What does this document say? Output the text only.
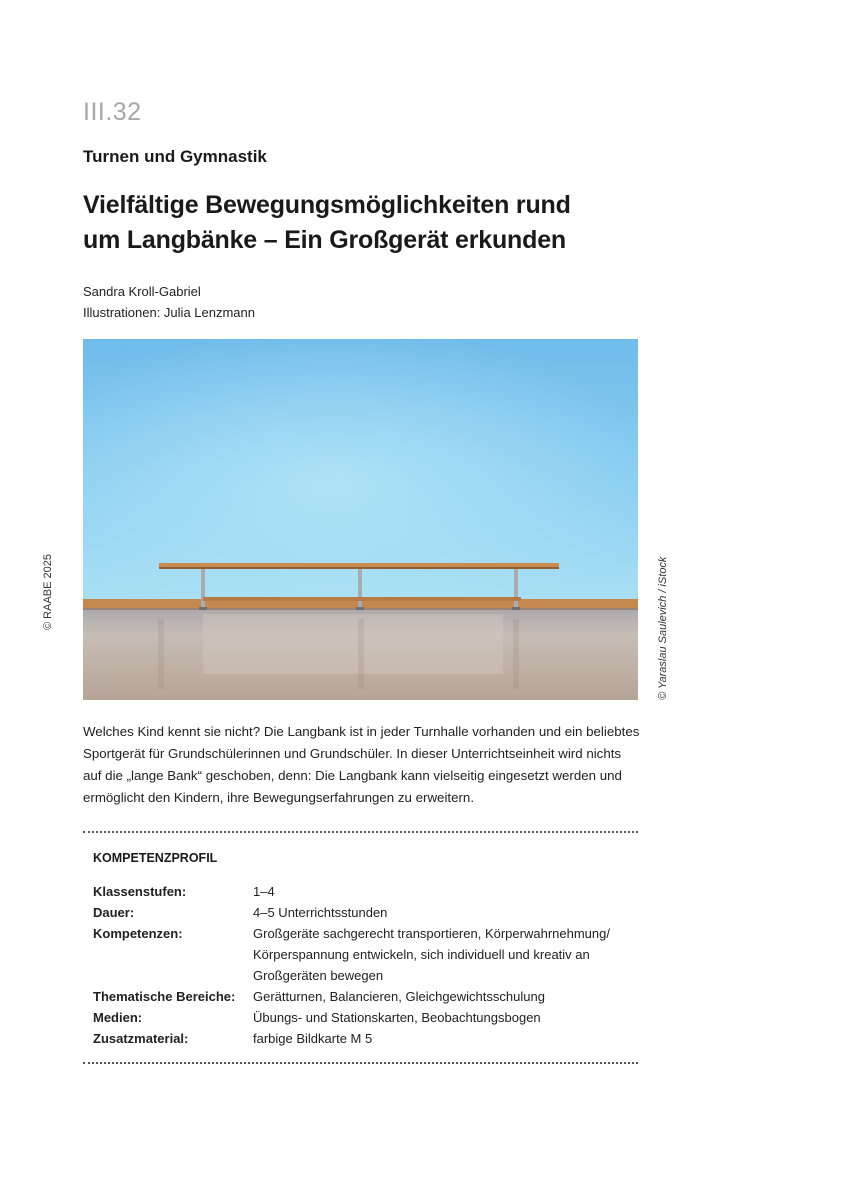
III.32
Turnen und Gymnastik
Vielfältige Bewegungsmöglichkeiten rund
um Langbänke – Ein Großgerät erkunden
Sandra Kroll-Gabriel
Illustrationen: Julia Lenzmann
© RAABE 2025	© Yaraslau Saulevich / iStock
Welches Kind kennt sie nicht? Die Langbank ist in jeder Turnhalle vorhanden und ein beliebtes Sportgerät für Grundschülerinnen und Grundschüler. In dieser Unterrichtseinheit wird nichts auf die „lange Bank“ geschoben, denn: Die Langbank kann vielseitig eingesetzt werden und ermöglicht den Kindern, ihre Bewegungserfahrungen zu erweitern.
KOMPETENZPROFIL
Klassenstufen:	1–4
Dauer:	4–5 Unterrichtsstunden
Kompetenzen:	Großgeräte sachgerecht transportieren, Körperwahrnehmung/ Körperspannung entwickeln, sich individuell und kreativ an Großgeräten bewegen
Thematische Bereiche:	Gerätturnen, Balancieren, Gleichgewichtsschulung
Medien:	Übungs- und Stationskarten, Beobachtungsbogen
Zusatzmaterial:	farbige Bildkarte M 5
